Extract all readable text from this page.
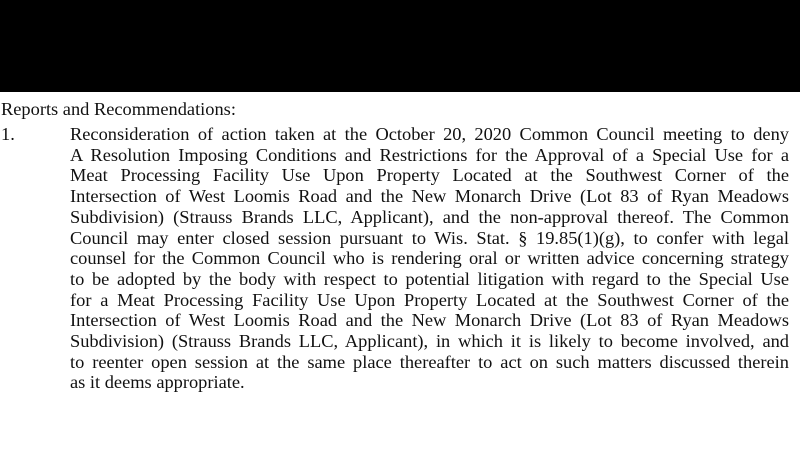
Reports and Recommendations:
1.	Reconsideration of action taken at the October 20, 2020 Common Council meeting to deny
A Resolution Imposing Conditions and Restrictions for the Approval of a Special Use for a
Meat Processing Facility Use Upon Property Located at the Southwest Corner of the
Intersection of West Loomis Road and the New Monarch Drive (Lot 83 of Ryan Meadows
Subdivision) (Strauss Brands LLC, Applicant), and the non-approval thereof. The Common
Council may enter closed session pursuant to Wis. Stat. § 19.85(1)(g), to confer with legal
counsel for the Common Council who is rendering oral or written advice concerning strategy
to be adopted by the body with respect to potential litigation with regard to the Special Use
for a Meat Processing Facility Use Upon Property Located at the Southwest Corner of the
Intersection of West Loomis Road and the New Monarch Drive (Lot 83 of Ryan Meadows
Subdivision) (Strauss Brands LLC, Applicant), in which it is likely to become involved, and
to reenter open session at the same place thereafter to act on such matters discussed therein
as it deems appropriate.
